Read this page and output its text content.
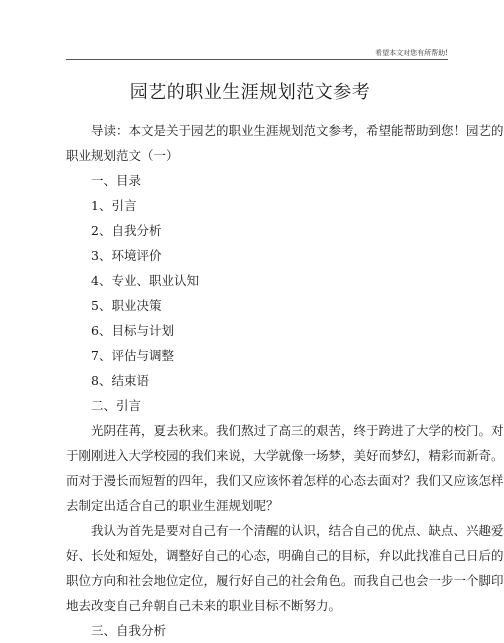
希望本文对您有所帮助!
园艺的职业生涯规划范文参考

导读：本文是关于园艺的职业生涯规划范文参考，希望能帮助到您！园艺的
职业规划范文（一）

一、目录

1、引言

2、自我分析

3、环境评价

4、专业、职业认知

5、职业决策

6、目标与计划

7、评估与调整

8、结束语

二、引言

光阴荏苒，夏去秋来。我们熬过了高三的艰苦，终于跨进了大学的校门。对
于刚刚进入大学校园的我们来说，大学就像一场梦，美好而梦幻，精彩而新奇。
而对于漫长而短暂的四年，我们又应该怀着怎样的心态去面对？我们又应该怎样
去制定出适合自己的职业生涯规划呢？

我认为首先是要对自己有一个清醒的认识，结合自己的优点、缺点、兴趣爱
好、长处和短处，调整好自己的心态，明确自己的目标，弁以此找准自己日后的
职位方向和社会地位定位，履行好自己的社会角色。而我自己也会一步一个脚印
地去改变自己弁朝自己未来的职业目标不断努力。

三、自我分析
